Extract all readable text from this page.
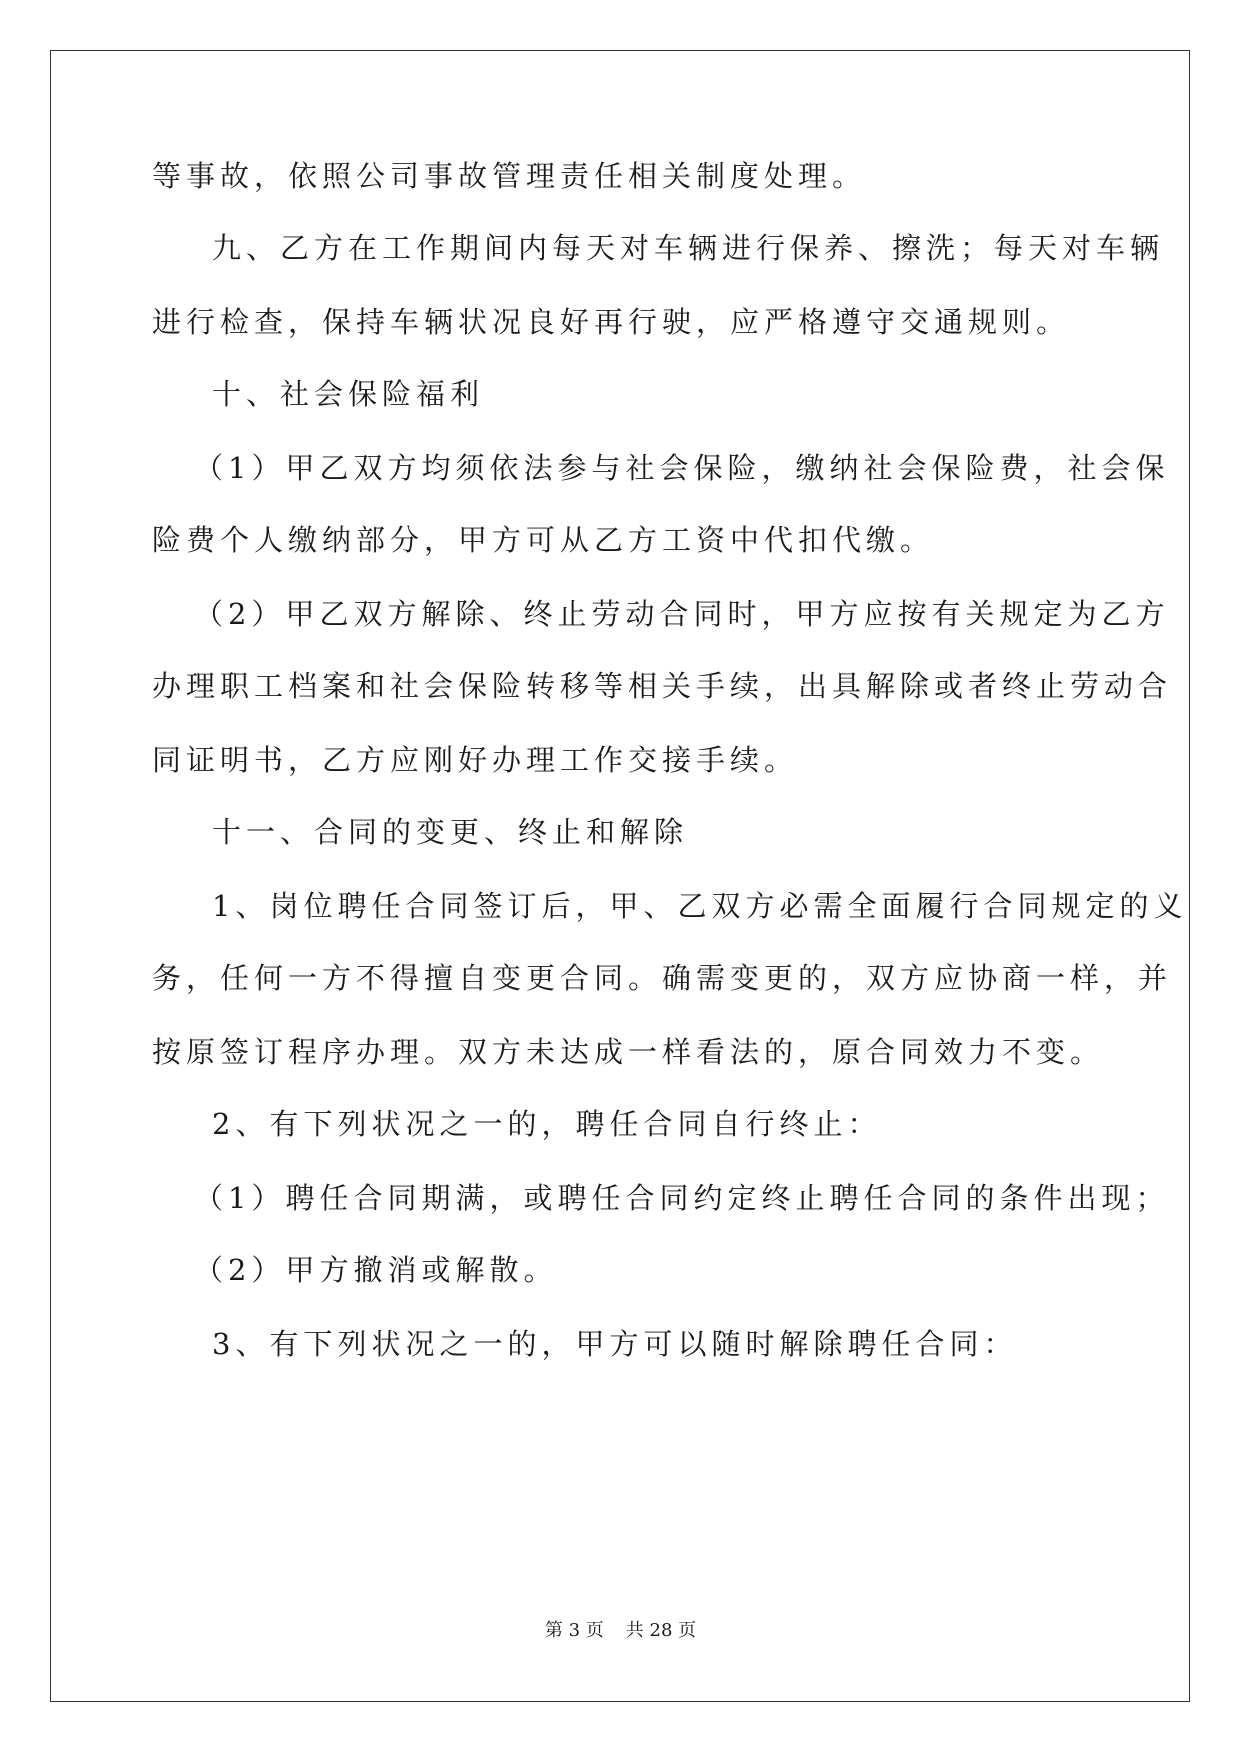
等事故，依照公司事故管理责任相关制度处理。
九、乙方在工作期间内每天对车辆进行保养、擦洗；每天对车辆
进行检查，保持车辆状况良好再行驶，应严格遵守交通规则。
十、社会保险福利
（1）甲乙双方均须依法参与社会保险，缴纳社会保险费，社会保
险费个人缴纳部分，甲方可从乙方工资中代扣代缴。
（2）甲乙双方解除、终止劳动合同时，甲方应按有关规定为乙方
办理职工档案和社会保险转移等相关手续，出具解除或者终止劳动合
同证明书，乙方应刚好办理工作交接手续。
十一、合同的变更、终止和解除
1、岗位聘任合同签订后，甲、乙双方必需全面履行合同规定的义
务，任何一方不得擅自变更合同。确需变更的，双方应协商一样，并
按原签订程序办理。双方未达成一样看法的，原合同效力不变。
2、有下列状况之一的，聘任合同自行终止：
（1）聘任合同期满，或聘任合同约定终止聘任合同的条件出现；
（2）甲方撤消或解散。
3、有下列状况之一的，甲方可以随时解除聘任合同：
第 3 页 共 28 页
